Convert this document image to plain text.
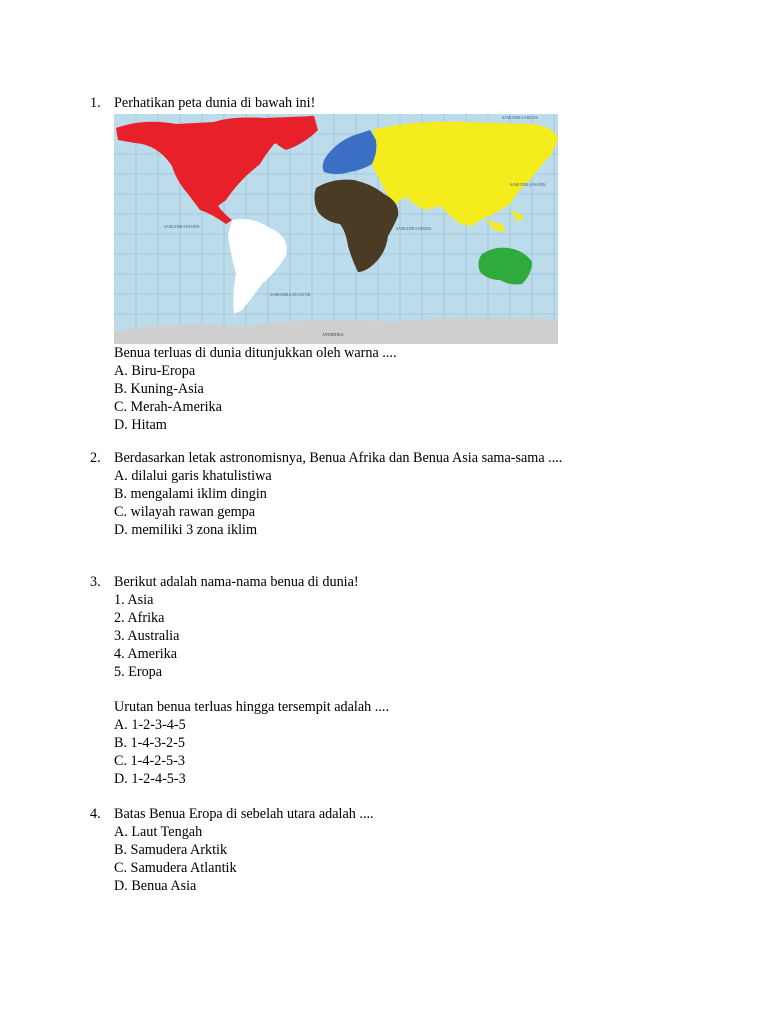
1. Perhatikan peta dunia di bawah ini!
SAMUDERA ARKTIK
SAMUDERA PASIFIK	SAMUDERA HINDIA
SAMUDERA PASIFIK
SAMUDERA ATLANTIK
ANTARTIKA
Benua terluas di dunia ditunjukkan oleh warna ....
A. Biru-Eropa
B. Kuning-Asia
C. Merah-Amerika
D. Hitam
2. Berdasarkan letak astronomisnya, Benua Afrika dan Benua Asia sama-sama ....
A. dilalui garis khatulistiwa
B. mengalami iklim dingin
C. wilayah rawan gempa
D. memiliki 3 zona iklim
3. Berikut adalah nama-nama benua di dunia!
1. Asia
2. Afrika
3. Australia
4. Amerika
5. Eropa
Urutan benua terluas hingga tersempit adalah ....
A. 1-2-3-4-5
B. 1-4-3-2-5
C. 1-4-2-5-3
D. 1-2-4-5-3
4. Batas Benua Eropa di sebelah utara adalah ....
A. Laut Tengah
B. Samudera Arktik
C. Samudera Atlantik
D. Benua Asia
